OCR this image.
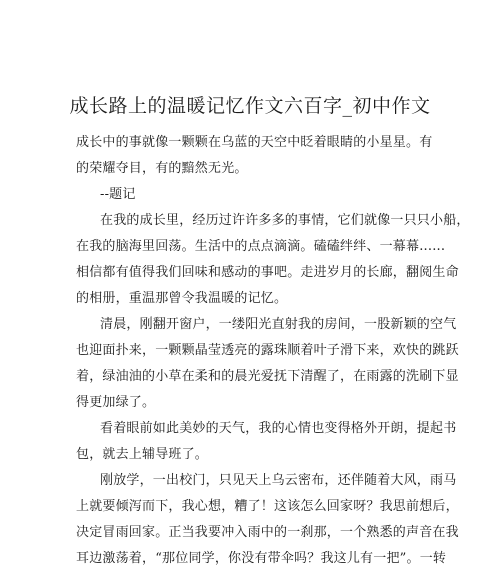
成长路上的温暖记忆作文六百字_初中作文
成长中的事就像一颗颗在乌蓝的天空中眨着眼睛的小星星。有
的荣耀夺目，有的黯然无光。
--题记
在我的成长里，经历过许许多多的事情，它们就像一只只小船，
在我的脑海里回荡。生活中的点点滴滴。磕磕绊绊、一幕幕......
相信都有值得我们回味和感动的事吧。走进岁月的长廊，翻阅生命
的相册，重温那曾令我温暖的记忆。
清晨，刚翻开窗户，一缕阳光直射我的房间，一股新颖的空气
也迎面扑来，一颗颗晶莹透亮的露珠顺着叶子滑下来，欢快的跳跃
着，绿油油的小草在柔和的晨光爱抚下清醒了，在雨露的洗刷下显
得更加绿了。
看着眼前如此美妙的天气，我的心情也变得格外开朗，提起书
包，就去上辅导班了。
刚放学，一出校门，只见天上乌云密布，还伴随着大风，雨马
上就要倾泻而下，我心想，糟了！这该怎么回家呀？我思前想后，
决定冒雨回家。正当我要冲入雨中的一刹那，一个熟悉的声音在我
耳边激荡着，“那位同学，你没有带伞吗？我这儿有一把”。一转
